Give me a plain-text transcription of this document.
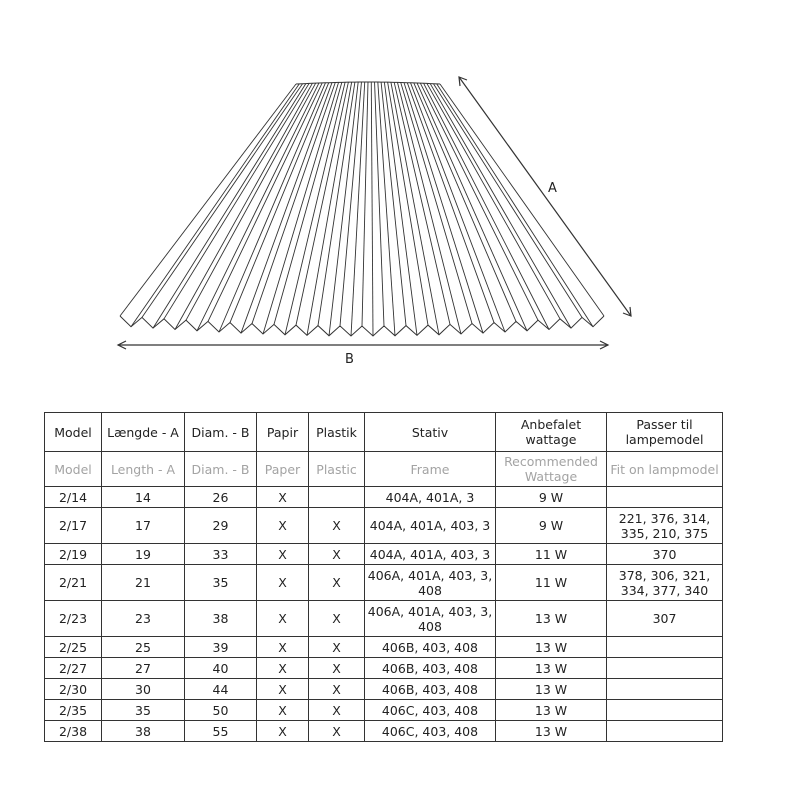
A
B
Model	Længde - A	Diam. - B	Papir	Plastik	Stativ	Anbefalet wattage	Passer til lampemodel
Model	Length - A	Diam. - B	Paper	Plastic	Frame	Recommended Wattage	Fit on lampmodel
2/14	14	26	X		404A, 401A, 3	9 W	
2/17	17	29	X	X	404A, 401A, 403, 3	9 W	221, 376, 314, 335, 210, 375
2/19	19	33	X	X	404A, 401A, 403, 3	11 W	370
2/21	21	35	X	X	406A, 401A, 403, 3, 408	11 W	378, 306, 321, 334, 377, 340
2/23	23	38	X	X	406A, 401A, 403, 3, 408	13 W	307
2/25	25	39	X	X	406B, 403, 408	13 W	
2/27	27	40	X	X	406B, 403, 408	13 W	
2/30	30	44	X	X	406B, 403, 408	13 W	
2/35	35	50	X	X	406C, 403, 408	13 W	
2/38	38	55	X	X	406C, 403, 408	13 W	
